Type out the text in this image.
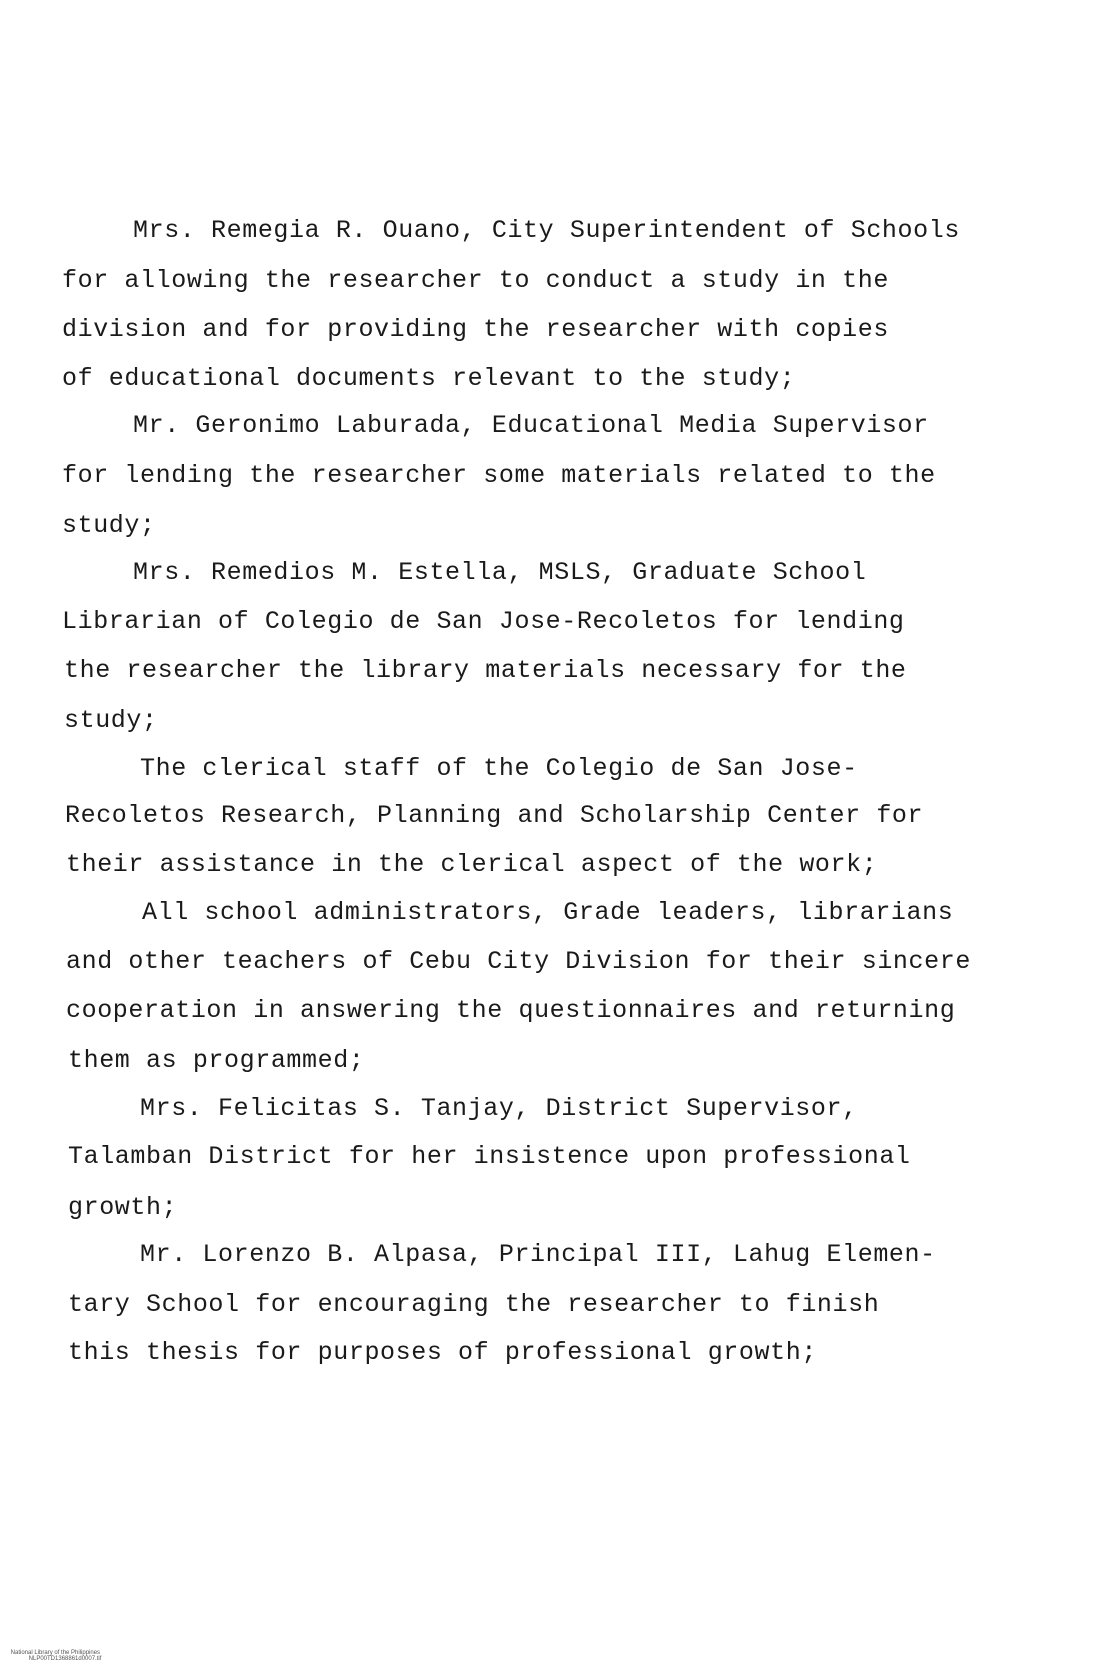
Mrs. Remegia R. Ouano, City Superintendent of Schools
for allowing the researcher to conduct a study in the
division and for providing the researcher with copies
of educational documents relevant to the study;
Mr. Geronimo Laburada, Educational Media Supervisor
for lending the researcher some materials related to the
study;
Mrs. Remedios M. Estella, MSLS, Graduate School
Librarian of Colegio de San Jose-Recoletos for lending
the researcher the library materials necessary for the
study;
The clerical staff of the Colegio de San Jose-
Recoletos Research, Planning and Scholarship Center for
their assistance in the clerical aspect of the work;
All school administrators, Grade leaders, librarians
and other teachers of Cebu City Division for their sincere
cooperation in answering the questionnaires and returning
them as programmed;
Mrs. Felicitas S. Tanjay, District Supervisor,
Talamban District for her insistence upon professional
growth;
Mr. Lorenzo B. Alpasa, Principal III, Lahug Elemen-
tary School for encouraging the researcher to finish
this thesis for purposes of professional growth;

National Library of the Philippines
NLP00TD1368861d0007.tif
